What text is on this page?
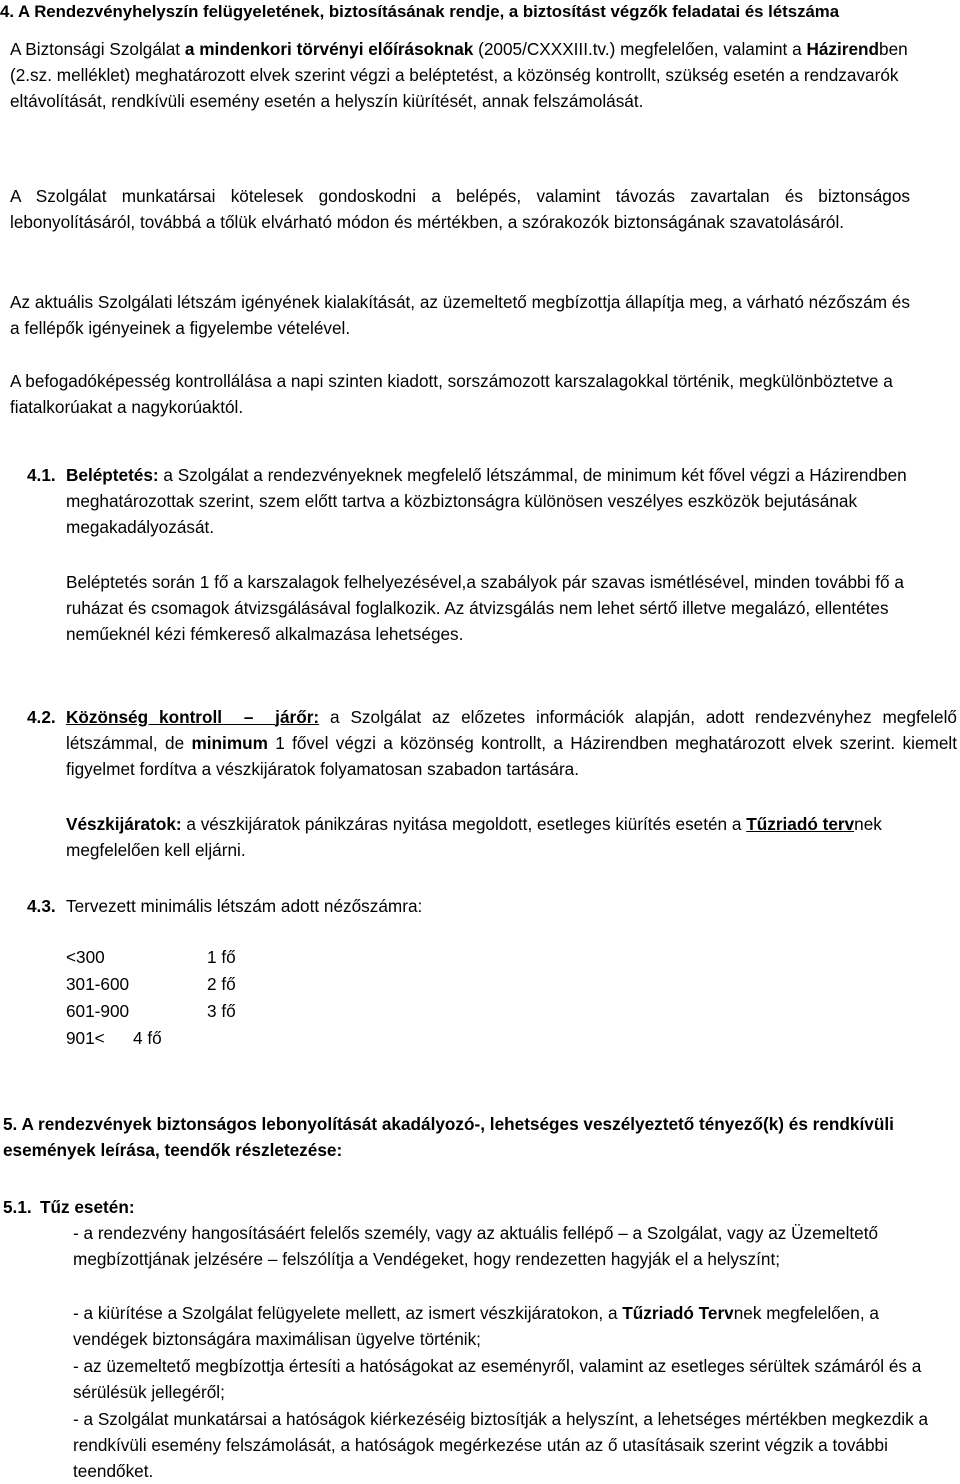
4. A Rendezvényhelyszín felügyeletének, biztosításának rendje, a biztosítást végzők feladatai és létszáma

A Biztonsági Szolgálat a mindenkori törvényi előírásoknak (2005/CXXXIII.tv.) megfelelően, valamint a Házirendben (2.sz. melléklet) meghatározott elvek szerint végzi a beléptetést, a közönség kontrollt, szükség esetén a rendzavarók eltávolítását, rendkívüli esemény esetén a helyszín kiürítését, annak felszámolását.

A Szolgálat munkatársai kötelesek gondoskodni a belépés, valamint távozás zavartalan és biztonságos lebonyolításáról, továbbá a tőlük elvárható módon és mértékben, a szórakozók biztonságának szavatolásáról.

Az aktuális Szolgálati létszám igényének kialakítását, az üzemeltető megbízottja állapítja meg, a várható nézőszám és a fellépők igényeinek a figyelembe vételével.

A befogadóképesség kontrollálása a napi szinten kiadott, sorszámozott karszalagokkal történik, megkülönböztetve a fiatalkorúakat a nagykorúaktól.

4.1. Beléptetés: a Szolgálat a rendezvényeknek megfelelő létszámmal, de minimum két fővel végzi a Házirendben meghatározottak szerint, szem előtt tartva a közbiztonságra különösen veszélyes eszközök bejutásának megakadályozását.

Beléptetés során 1 fő a karszalagok felhelyezésével,a szabályok pár szavas ismétlésével, minden további fő a ruházat és csomagok átvizsgálásával foglalkozik. Az átvizsgálás nem lehet sértő illetve megalázó, ellentétes neműeknél kézi fémkereső alkalmazása lehetséges.

4.2. Közönség kontroll  –  járőr: a Szolgálat az előzetes információk alapján, adott rendezvényhez megfelelő létszámmal, de minimum 1 fővel végzi a közönség kontrollt, a Házirendben meghatározott elvek szerint. kiemelt figyelmet fordítva a vészkijáratok folyamatosan szabadon tartására.

Vészkijáratok: a vészkijáratok pánikzáras nyitása megoldott, esetleges kiürítés esetén a Tűzriadó tervnek megfelelően kell eljárni.

4.3. Tervezett minimális létszám adott nézőszámra:

<300	1 fő
301-600	2 fő
601-900	3 fő
901< 4 fő

5. A rendezvények biztonságos lebonyolítását akadályozó-, lehetséges veszélyeztető tényező(k) és rendkívüli események leírása, teendők részletezése:

5.1. Tűz esetén:

- a rendezvény hangosításáért felelős személy, vagy az aktuális fellépő – a Szolgálat, vagy az Üzemeltető megbízottjának jelzésére – felszólítja a Vendégeket, hogy rendezetten hagyják el a helyszínt;

- a kiürítése a Szolgálat felügyelete mellett, az ismert vészkijáratokon, a Tűzriadó Tervnek megfelelően, a vendégek biztonságára maximálisan ügyelve történik;

- az üzemeltető megbízottja értesíti a hatóságokat az eseményről, valamint az esetleges sérültek számáról és a sérülésük jellegéről;

- a Szolgálat munkatársai a hatóságok kiérkezéséig biztosítják a helyszínt, a lehetséges mértékben megkezdik a rendkívüli esemény felszámolását, a hatóságok megérkezése után az ő utasításaik szerint végzik a további teendőket.
